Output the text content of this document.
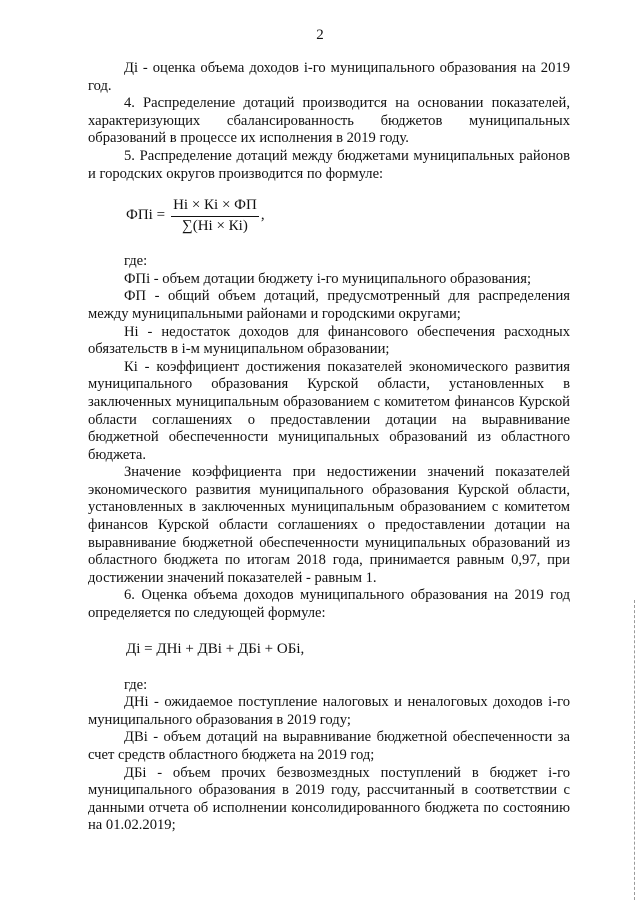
2

Дi - оценка объема доходов i-го муниципального образования на 2019 год.

4. Распределение дотаций производится на основании показателей, характеризующих сбалансированность бюджетов муниципальных образований в процессе их исполнения в 2019 году.

5. Распределение дотаций между бюджетами муниципальных районов и городских округов производится по формуле:

ФПi = $\frac{Нi \times Кi \times ФП}{\sum(Нi \times Кi)}$ ,

где:

ФПi - объем дотации бюджету i-го муниципального образования;

ФП - общий объем дотаций, предусмотренный для распределения между муниципальными районами и городскими округами;

Нi - недостаток доходов для финансового обеспечения расходных обязательств в i-м муниципальном образовании;

Кi - коэффициент достижения показателей экономического развития муниципального образования Курской области, установленных в заключенных муниципальным образованием с комитетом финансов Курской области соглашениях о предоставлении дотации на выравнивание бюджетной обеспеченности муниципальных образований из областного бюджета.

Значение коэффициента при недостижении значений показателей экономического развития муниципального образования Курской области, установленных в заключенных муниципальным образованием с комитетом финансов Курской области соглашениях о предоставлении дотации на выравнивание бюджетной обеспеченности муниципальных образований из областного бюджета по итогам 2018 года, принимается равным 0,97, при достижении значений показателей - равным 1.

6. Оценка объема доходов муниципального образования на 2019 год определяется по следующей формуле:

Дi = ДНi + ДВi + ДБi + ОБi,

где:

ДНi - ожидаемое поступление налоговых и неналоговых доходов i-го муниципального образования в 2019 году;

ДВi - объем дотаций на выравнивание бюджетной обеспеченности за счет средств областного бюджета на 2019 год;

ДБi - объем прочих безвозмездных поступлений в бюджет i-го муниципального образования в 2019 году, рассчитанный в соответствии с данными отчета об исполнении консолидированного бюджета по состоянию на 01.02.2019;
